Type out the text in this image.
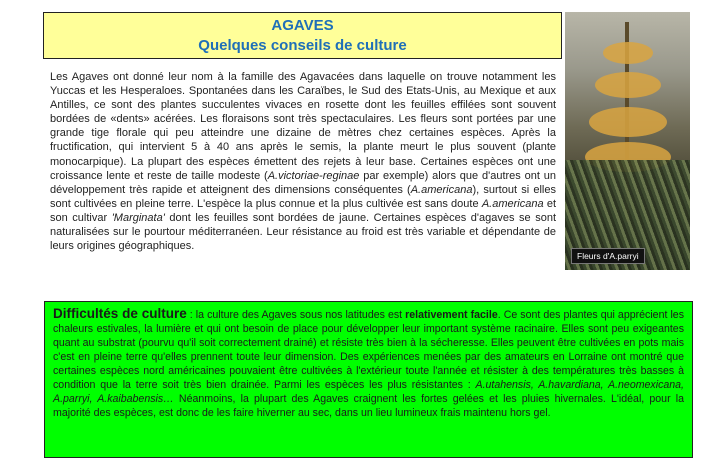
AGAVES
Quelques conseils de culture
Fleurs d'A.parryi
Les Agaves ont donné leur nom à la famille des Agavacées dans laquelle on trouve notamment les Yuccas et les Hesperaloes. Spontanées dans les Caraïbes, le Sud des Etats-Unis, au Mexique et aux Antilles, ce sont des plantes succulentes vivaces en rosette dont les feuilles effilées sont souvent bordées de «dents» acérées. Les floraisons sont très spectaculaires. Les fleurs sont portées par une grande tige florale qui peu atteindre une dizaine de mètres chez certaines espèces. Après la fructification, qui intervient 5 à 40 ans après le semis, la plante meurt le plus souvent (plante monocarpique). La plupart des espèces émettent des rejets à leur base. Certaines espèces ont une croissance lente et reste de taille modeste (A.victoriae-reginae par exemple) alors que d'autres ont un développement très rapide et atteignent des dimensions conséquentes (A.americana), surtout si elles sont cultivées en pleine terre. L'espèce la plus connue et la plus cultivée est sans doute A.americana et son cultivar 'Marginata' dont les feuilles sont bordées de jaune. Certaines espèces d'agaves se sont naturalisées sur le pourtour méditerranéen. Leur résistance au froid est très variable et dépendante de leurs origines géographiques.
Difficultés de culture : la culture des Agaves sous nos latitudes est relativement facile. Ce sont des plantes qui apprécient les chaleurs estivales, la lumière et qui ont besoin de place pour développer leur important système racinaire. Elles sont peu exigeantes quant au substrat (pourvu qu'il soit correctement drainé) et résiste très bien à la sécheresse. Elles peuvent être cultivées en pots mais c'est en pleine terre qu'elles prennent toute leur dimension. Des expériences menées par des amateurs en Lorraine ont montré que certaines espèces nord américaines pouvaient être cultivées à l'extérieur toute l'année et résister à des températures très basses à condition que la terre soit très bien drainée. Parmi les espèces les plus résistantes : A.utahensis, A.havardiana, A.neomexicana, A.parryi, A.kaibabensis… Néanmoins, la plupart des Agaves craignent les fortes gelées et les pluies hivernales. L'idéal, pour la majorité des espèces, est donc de les faire hiverner au sec, dans un lieu lumineux frais maintenu hors gel.
